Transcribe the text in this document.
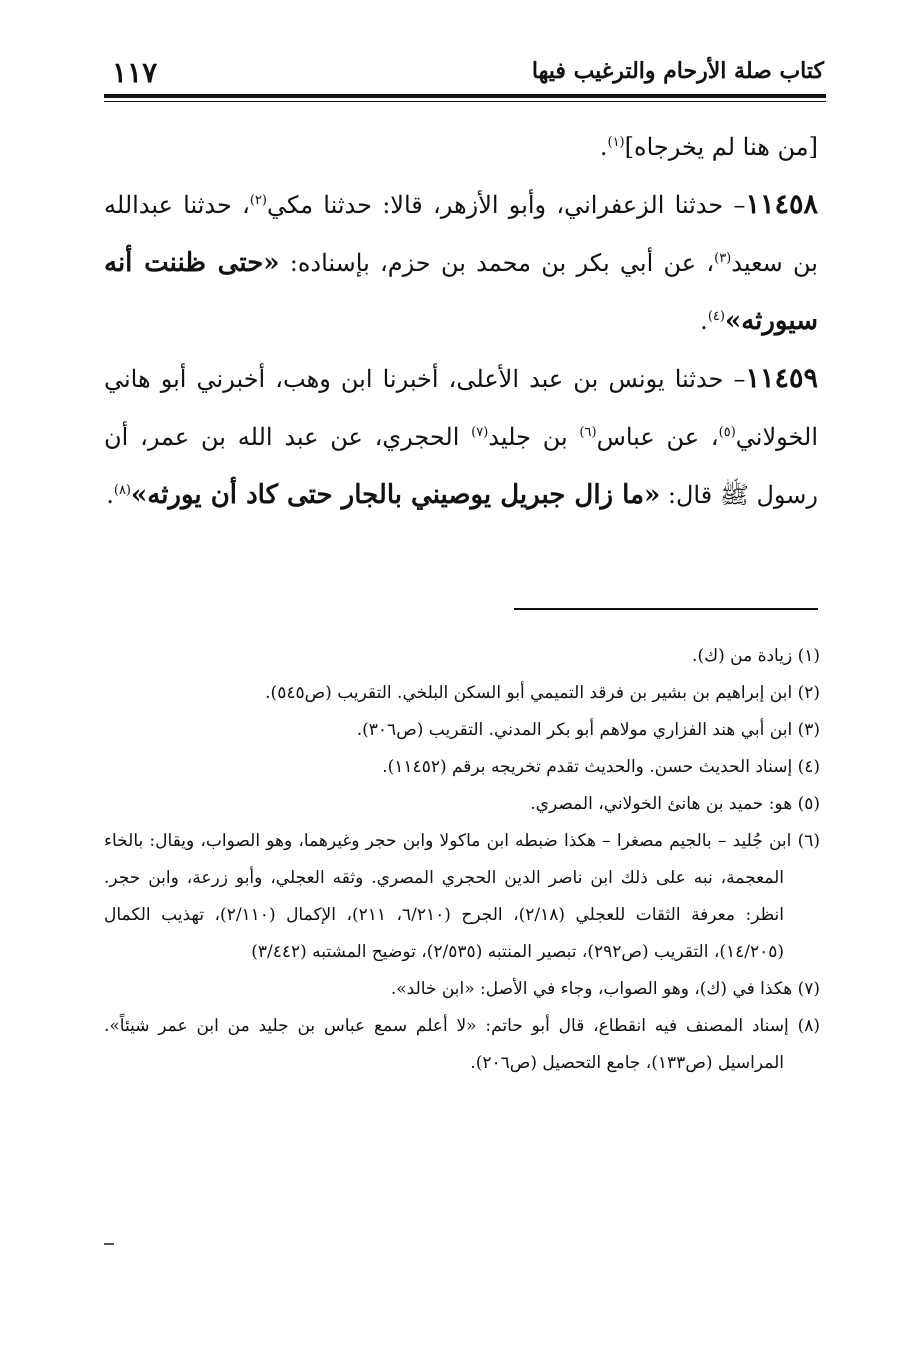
كتاب صلة الأرحام والترغيب فيها
١١٧

[من هنا لم يخرجاه]$^{(١)}$.

١١٤٥٨– حدثنا الزعفراني، وأبو الأزهر، قالا: حدثنا مكي$^{(٢)}$، حدثنا عبدالله بن سعيد$^{(٣)}$، عن أبي بكر بن محمد بن حزم، بإسناده: «حتى ظننت أنه سيورثه»$^{(٤)}$.

١١٤٥٩– حدثنا يونس بن عبد الأعلى، أخبرنا ابن وهب، أخبرني أبو هاني الخولاني$^{(٥)}$، عن عباس$^{(٦)}$ بن جليد$^{(٧)}$ الحجري، عن عبد الله بن عمر، أن رسول ﷺ قال: «ما زال جبريل يوصيني بالجار حتى كاد أن يورثه»$^{(٨)}$.

(١) زيادة من (ك).

(٢) ابن إبراهيم بن بشير بن فرقد التميمي أبو السكن البلخي. التقريب (ص٥٤٥).

(٣) ابن أبي هند الفزاري مولاهم أبو بكر المدني. التقريب (ص٣٠٦).

(٤) إسناد الحديث حسن. والحديث تقدم تخريجه برقم (١١٤٥٢).

(٥) هو: حميد بن هانئ الخولاني، المصري.

(٦) ابن جُليد – بالجيم مصغرا – هكذا ضبطه ابن ماكولا وابن حجر وغيرهما، وهو الصواب، ويقال: بالخاء المعجمة، نبه على ذلك ابن ناصر الدين الحجري المصري. وثقه العجلي، وأبو زرعة، وابن حجر. انظر: معرفة الثقات للعجلي (٢/١٨)، الجرح (٦/٢١٠، ٢١١)، الإكمال (٢/١١٠)، تهذيب الكمال (١٤/٢٠٥)، التقريب (ص٢٩٢)، تبصير المنتبه (٢/٥٣٥)، توضيح المشتبه (٣/٤٤٢)

(٧) هكذا في (ك)، وهو الصواب، وجاء في الأصل: «ابن خالد».

(٨) إسناد المصنف فيه انقطاع، قال أبو حاتم: «لا أعلم سمع عباس بن جليد من ابن عمر شيئاً». المراسيل (ص١٣٣)، جامع التحصيل (ص٢٠٦).
